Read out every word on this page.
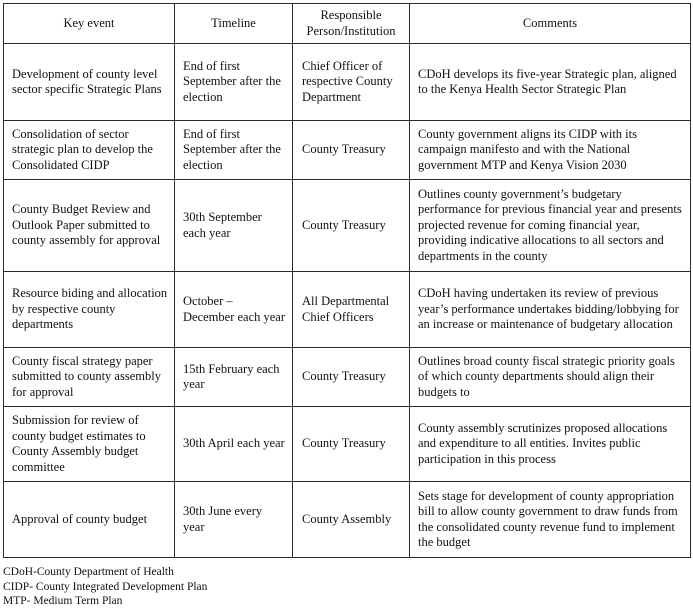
Key event	Timeline	Responsible Person/Institution	Comments
Development of county level sector specific Strategic Plans	End of first September after the election	Chief Officer of respective County Department	CDoH develops its five-year Strategic plan, aligned to the Kenya Health Sector Strategic Plan
Consolidation of sector strategic plan to develop the Consolidated CIDP	End of first September after the election	County Treasury	County government aligns its CIDP with its campaign manifesto and with the National government MTP and Kenya Vision 2030
County Budget Review and Outlook Paper submitted to county assembly for approval	30th September each year	County Treasury	Outlines county government’s budgetary performance for previous financial year and presents projected revenue for coming financial year, providing indicative allocations to all sectors and departments in the county
Resource biding and allocation by respective county departments	October – December each year	All Departmental Chief Officers	CDoH having undertaken its review of previous year’s performance undertakes bidding/lobbying for an increase or maintenance of budgetary allocation
County fiscal strategy paper submitted to county assembly for approval	15th February each year	County Treasury	Outlines broad county fiscal strategic priority goals of which county departments should align their budgets to
Submission for review of county budget estimates to County Assembly budget committee	30th April each year	County Treasury	County assembly scrutinizes proposed allocations and expenditure to all entities. Invites public participation in this process
Approval of county budget	30th June every year	County Assembly	Sets stage for development of county appropriation bill to allow county government to draw funds from the consolidated county revenue fund to implement the budget
CDoH-County Department of Health
CIDP- County Integrated Development Plan
MTP- Medium Term Plan
